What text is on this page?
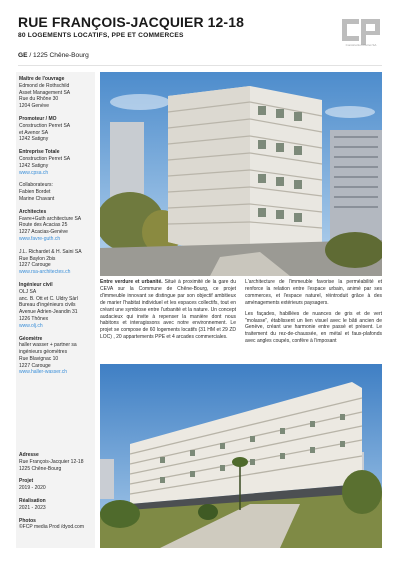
RUE FRANÇOIS-JACQUIER 12-18
80 LOGEMENTS LOCATIFS, PPE ET COMMERCES
GE / 1225 Chêne-Bourg
Construction Perret SA
Maître de l'ouvrage
Edmond de Rothschild
Asset Management SA
Rue du Rhône 30
1204 Genève
Promoteur / MO
Construction Perret SA
et Avenor SA
1242 Satigny
Entreprise Totale
Construction Perret SA
1242 Satigny
www.cpsa.ch
Collaborateurs:
Fabien Bordet
Marine Chavant
Architectes
Favre+Guth architecture SA
Route des Acacias 25
1227 Acacias-Genève
www.favre-guth.ch
J.L. Richardet & H. Saini SA
Rue Baylon 2bis
1227 Carouge
www.rsa-architectes.ch
Ingénieur civil
OLJ SA
anc. B. Ott et C. Uldry Sàrl
Bureau d'ingénieurs civils
Avenue Adrien-Jeandin 31
1226 Thônex
www.olj.ch
Géomètre
haller wasser + partner sa
ingénieurs géomètres
Rue Blavignac 10
1227 Carouge
www.haller-wasser.ch
Adresse
Rue François-Jacquier 12-18
1225 Chêne-Bourg
Projet
2019 - 2020
Réalisation
2021 - 2023
Photos
©FCP media Prod /dyod.com

Entre verdure et urbanité. Situé à proximité de la gare du CEVA sur la Commune de Chêne-Bourg, ce projet d'immeuble innovant se distingue par son objectif ambitieux de marier l'habitat individuel et les espaces collectifs, tout en créant une symbiose entre l'urbanité et la nature. Un concept audacieux qui invite à repenser la manière dont nous habitons et interagissons avec notre environnement. Le projet se compose de 60 logements locatifs (31 HM et 29 ZD LOC) , 20 appartements PPE et 4 arcades commerciales.

L'architecture de l'immeuble favorise la perméabilité et renforce la relation entre l'espace urbain, animé par ses commerces, et l'espace naturel, réintroduit grâce à des aménagements extérieurs paysagers.

Les façades, habillées de nuances de gris et de vert "molasse", établissent un lien visuel avec le bâti ancien de Genève, créant une harmonie entre passé et présent. Le traitement du rez-de-chaussée, en métal et faux-plafonds avec angles coupés, confère à l'imposant
